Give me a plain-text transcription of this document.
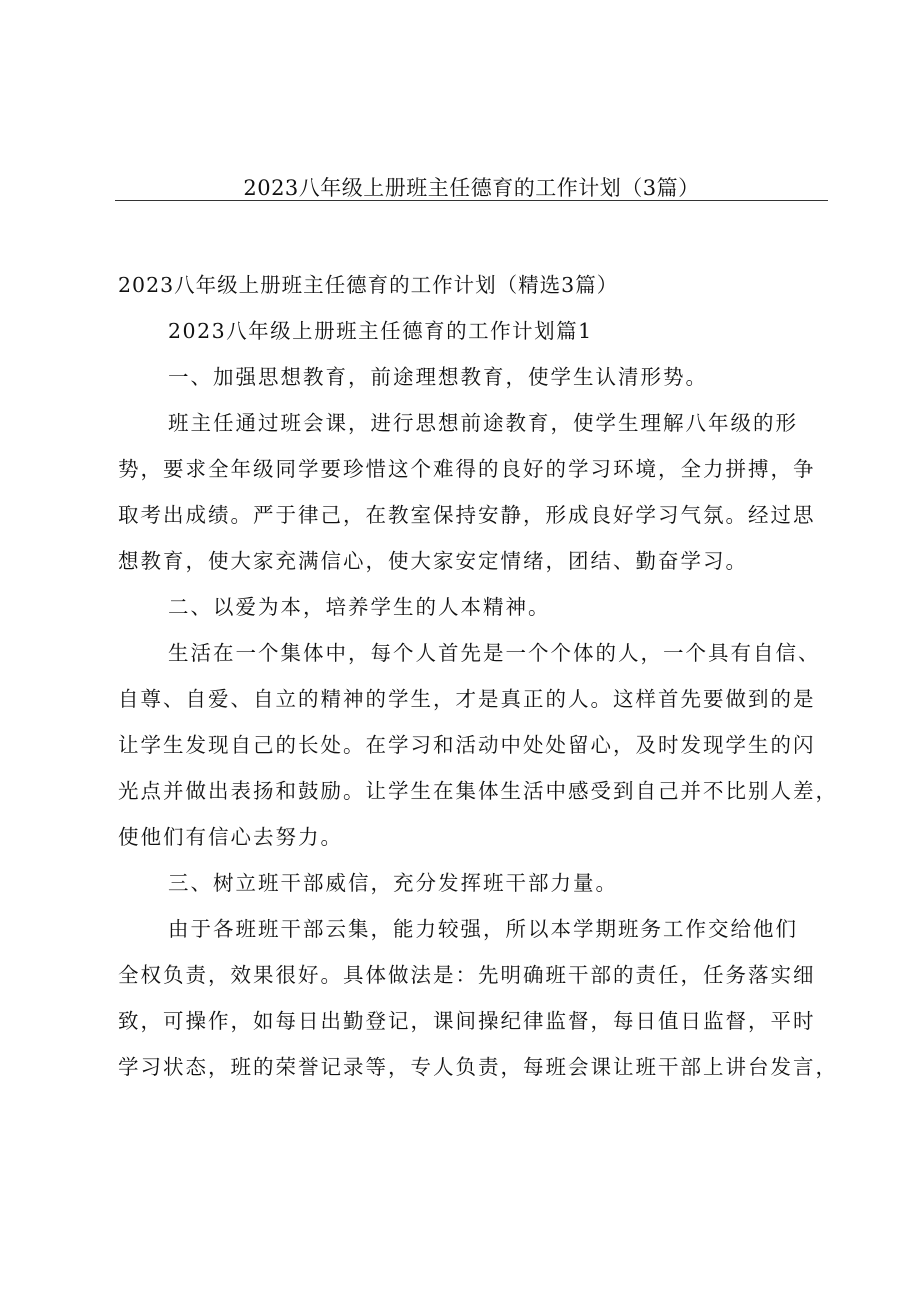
2023八年级上册班主任德育的工作计划（3篇）
2023八年级上册班主任德育的工作计划（精选3篇）
2023八年级上册班主任德育的工作计划篇1
一、加强思想教育，前途理想教育，使学生认清形势。
班主任通过班会课，进行思想前途教育，使学生理解八年级的形
势，要求全年级同学要珍惜这个难得的良好的学习环境，全力拼搏，争
取考出成绩。严于律己，在教室保持安静，形成良好学习气氛。经过思
想教育，使大家充满信心，使大家安定情绪，团结、勤奋学习。
二、以爱为本，培养学生的人本精神。
生活在一个集体中，每个人首先是一个个体的人，一个具有自信、
自尊、自爱、自立的精神的学生，才是真正的人。这样首先要做到的是
让学生发现自己的长处。在学习和活动中处处留心，及时发现学生的闪
光点并做出表扬和鼓励。让学生在集体生活中感受到自己并不比别人差，
使他们有信心去努力。
三、树立班干部威信，充分发挥班干部力量。
由于各班班干部云集，能力较强，所以本学期班务工作交给他们
全权负责，效果很好。具体做法是：先明确班干部的责任，任务落实细
致，可操作，如每日出勤登记，课间操纪律监督，每日值日监督，平时
学习状态，班的荣誉记录等，专人负责，每班会课让班干部上讲台发言，
